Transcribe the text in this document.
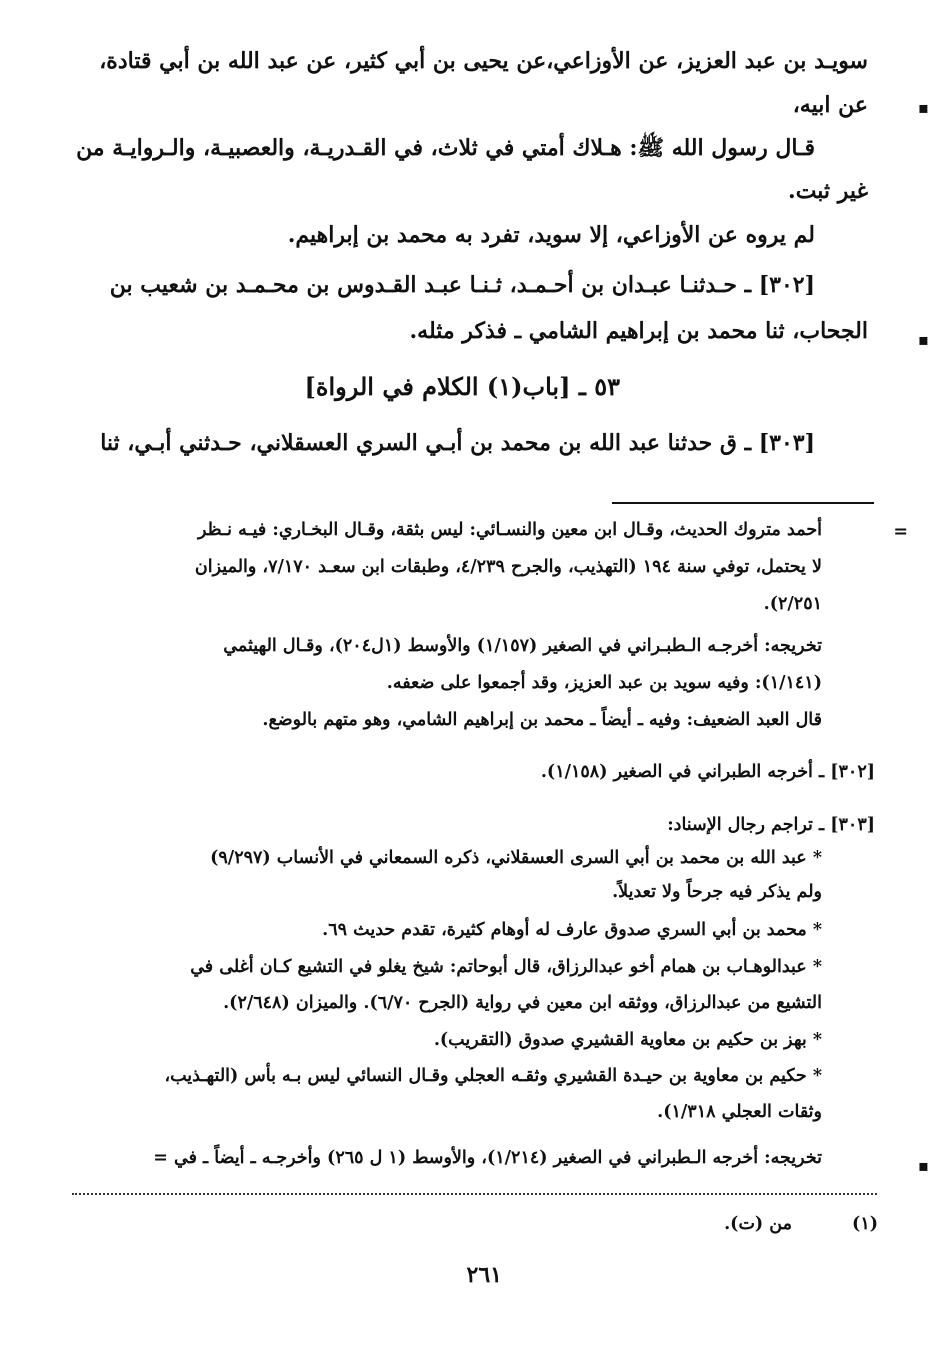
سويـد بن عبد العزيز، عن الأوزاعي،عن يحيى بن أبي كثير، عن عبد الله بن أبي قتادة،
عن ابيه،
قـال رسول الله ﷺ: هـلاك أمتي في ثلاث، في القـدريـة، والعصبيـة، والـروايـة من
غير ثبت.
لم يروه عن الأوزاعي، إلا سويد، تفرد به محمد بن إبراهيم.
[٣٠٢] ـ حـدثنـا عبـدان بن أحـمـد، ثـنـا عبـد القـدوس بن محـمـد بن شعيب بن
الجحاب، ثنا محمد بن إبراهيم الشامي ـ فذكر مثله.
٥٣ ـ [باب(١) الكلام في الرواة]
[٣٠٣] ـ ق حدثنا عبد الله بن محمد بن أبـي السري العسقلاني، حـدثني أبـي، ثنا
▪
▪
=
أحمد متروك الحديث، وقـال ابن معين والنسـائي: ليس بثقة، وقـال البخـاري: فيـه نـظر
لا يحتمل، توفي سنة ١٩٤ (التهذيب، والجرح ٤/٢٣٩، وطبقات ابن سعـد ٧/١٧٠، والميزان
٢/٢٥١).
تخريجه: أخرجـه الـطبـراني في الصغير (١/١٥٧) والأوسط (١ل٢٠٤)، وقـال الهيثمي
(١/١٤١): وفيه سويد بن عبد العزيز، وقد أجمعوا على ضعفه.
قال العبد الضعيف: وفيه ـ أيضاً ـ محمد بن إبراهيم الشامي، وهو متهم بالوضع.
[٣٠٢] ـ أخرجه الطبراني في الصغير (١/١٥٨).
[٣٠٣] ـ تراجم رجال الإسناد:
* عبد الله بن محمد بن أبي السرى العسقلاني، ذكره السمعاني في الأنساب (٩/٢٩٧)
ولم يذكر فيه جرحاً ولا تعديلاً.
* محمد بن أبي السري صدوق عارف له أوهام كثيرة، تقدم حديث ٦٩.
* عبدالوهـاب بن همام أخو عبدالرزاق، قال أبوحاتم: شيخ يغلو في التشيع كـان أغلى في
التشيع من عبدالرزاق، ووثقه ابن معين في رواية (الجرح ٦/٧٠). والميزان (٢/٦٤٨).
* بهز بن حكيم بن معاوية القشيري صدوق (التقريب).
* حكيم بن معاوية بن حيـدة القشيري وثقـه العجلي وقـال النسائي ليس بـه بأس (التهـذيب،
وثقات العجلي ١/٣١٨).
تخريجه: أخرجه الـطبراني في الصغير (١/٢١٤)، والأوسط (١ ل ٢٦٥) وأخرجـه ـ أيضاً ـ في =	▪
(١)
من (ت).
٢٦١
